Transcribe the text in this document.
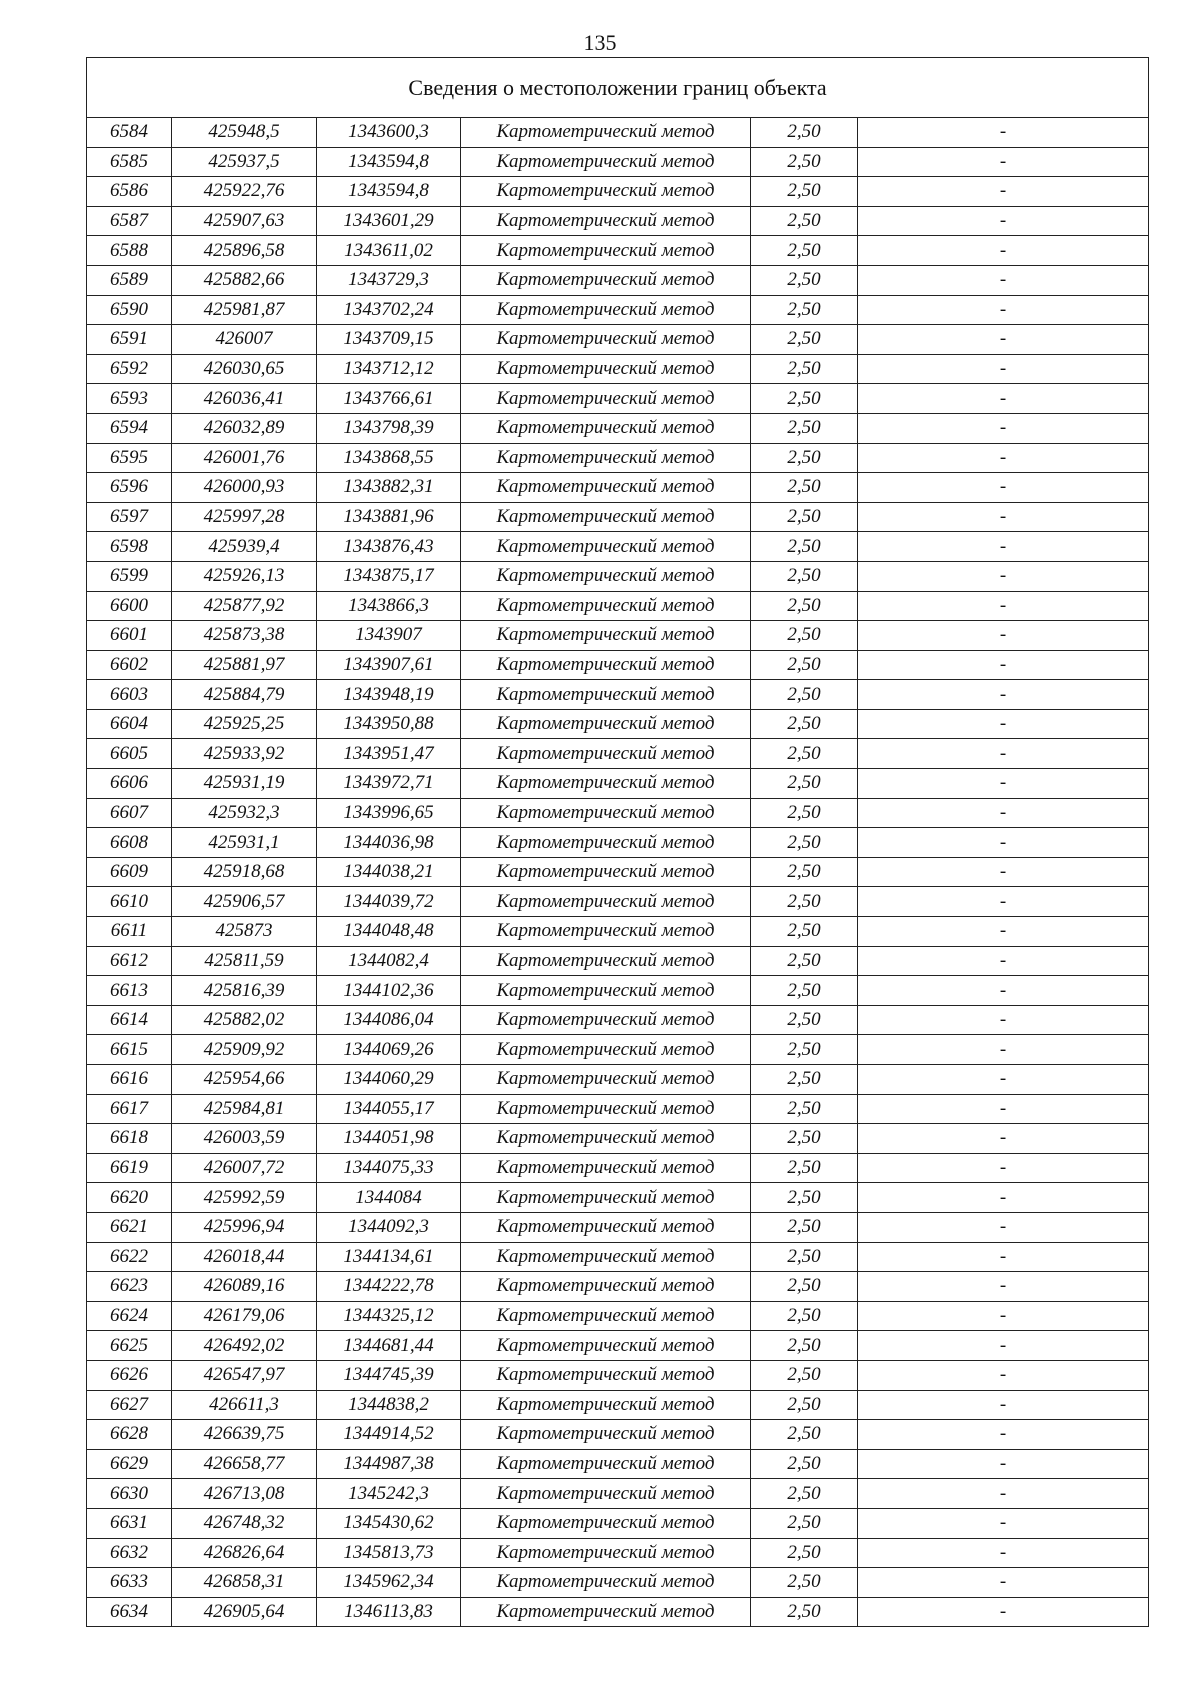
135
Сведения о местоположении границ объекта					
6584	425948,5	1343600,3	Картометрический метод	2,50	-
6585	425937,5	1343594,8	Картометрический метод	2,50	-
6586	425922,76	1343594,8	Картометрический метод	2,50	-
6587	425907,63	1343601,29	Картометрический метод	2,50	-
6588	425896,58	1343611,02	Картометрический метод	2,50	-
6589	425882,66	1343729,3	Картометрический метод	2,50	-
6590	425981,87	1343702,24	Картометрический метод	2,50	-
6591	426007	1343709,15	Картометрический метод	2,50	-
6592	426030,65	1343712,12	Картометрический метод	2,50	-
6593	426036,41	1343766,61	Картометрический метод	2,50	-
6594	426032,89	1343798,39	Картометрический метод	2,50	-
6595	426001,76	1343868,55	Картометрический метод	2,50	-
6596	426000,93	1343882,31	Картометрический метод	2,50	-
6597	425997,28	1343881,96	Картометрический метод	2,50	-
6598	425939,4	1343876,43	Картометрический метод	2,50	-
6599	425926,13	1343875,17	Картометрический метод	2,50	-
6600	425877,92	1343866,3	Картометрический метод	2,50	-
6601	425873,38	1343907	Картометрический метод	2,50	-
6602	425881,97	1343907,61	Картометрический метод	2,50	-
6603	425884,79	1343948,19	Картометрический метод	2,50	-
6604	425925,25	1343950,88	Картометрический метод	2,50	-
6605	425933,92	1343951,47	Картометрический метод	2,50	-
6606	425931,19	1343972,71	Картометрический метод	2,50	-
6607	425932,3	1343996,65	Картометрический метод	2,50	-
6608	425931,1	1344036,98	Картометрический метод	2,50	-
6609	425918,68	1344038,21	Картометрический метод	2,50	-
6610	425906,57	1344039,72	Картометрический метод	2,50	-
6611	425873	1344048,48	Картометрический метод	2,50	-
6612	425811,59	1344082,4	Картометрический метод	2,50	-
6613	425816,39	1344102,36	Картометрический метод	2,50	-
6614	425882,02	1344086,04	Картометрический метод	2,50	-
6615	425909,92	1344069,26	Картометрический метод	2,50	-
6616	425954,66	1344060,29	Картометрический метод	2,50	-
6617	425984,81	1344055,17	Картометрический метод	2,50	-
6618	426003,59	1344051,98	Картометрический метод	2,50	-
6619	426007,72	1344075,33	Картометрический метод	2,50	-
6620	425992,59	1344084	Картометрический метод	2,50	-
6621	425996,94	1344092,3	Картометрический метод	2,50	-
6622	426018,44	1344134,61	Картометрический метод	2,50	-
6623	426089,16	1344222,78	Картометрический метод	2,50	-
6624	426179,06	1344325,12	Картометрический метод	2,50	-
6625	426492,02	1344681,44	Картометрический метод	2,50	-
6626	426547,97	1344745,39	Картометрический метод	2,50	-
6627	426611,3	1344838,2	Картометрический метод	2,50	-
6628	426639,75	1344914,52	Картометрический метод	2,50	-
6629	426658,77	1344987,38	Картометрический метод	2,50	-
6630	426713,08	1345242,3	Картометрический метод	2,50	-
6631	426748,32	1345430,62	Картометрический метод	2,50	-
6632	426826,64	1345813,73	Картометрический метод	2,50	-
6633	426858,31	1345962,34	Картометрический метод	2,50	-
6634	426905,64	1346113,83	Картометрический метод	2,50	-
